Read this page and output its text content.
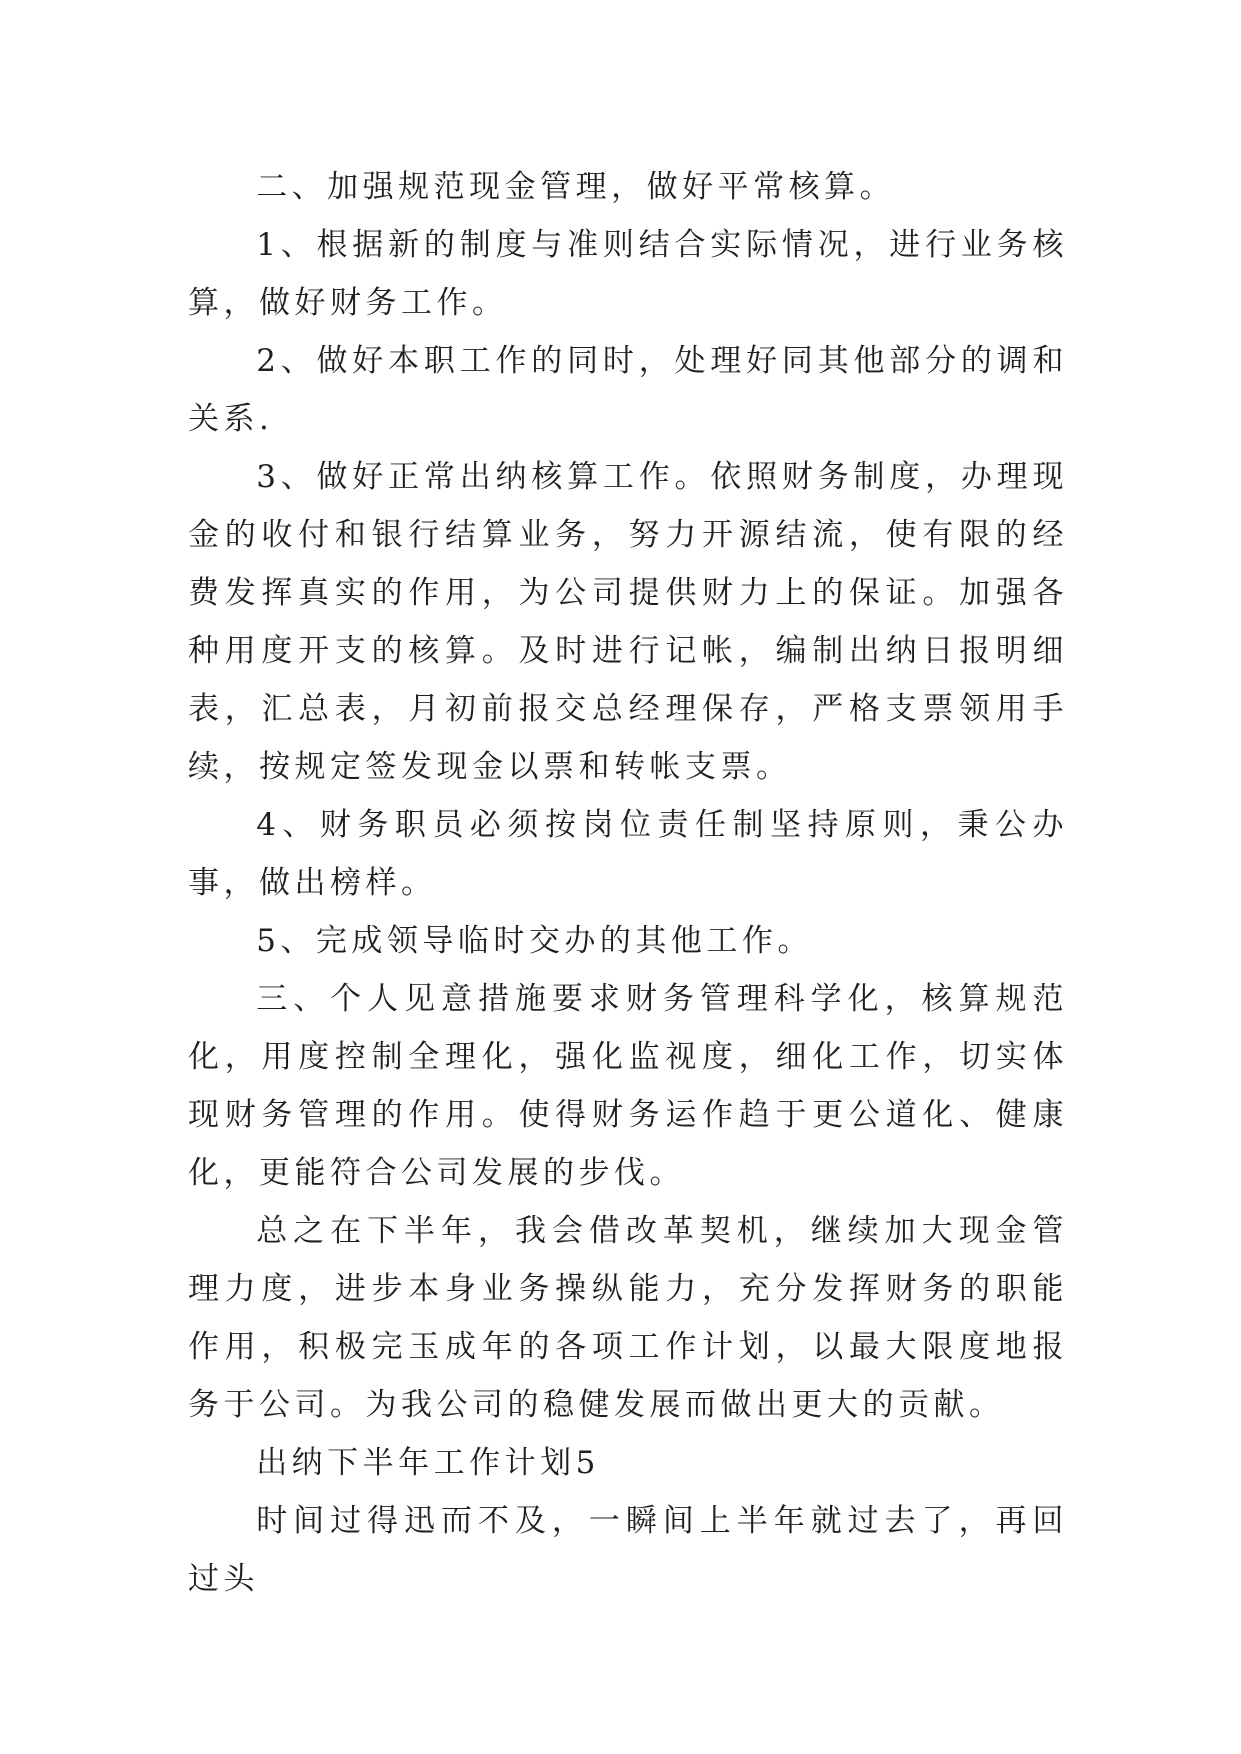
二、加强规范现金管理，做好平常核算。

1、根据新的制度与准则结合实际情况，进行业务核算，做好财务工作。

2、做好本职工作的同时，处理好同其他部分的调和关系.

3、做好正常出纳核算工作。依照财务制度，办理现金的收付和银行结算业务，努力开源结流，使有限的经费发挥真实的作用，为公司提供财力上的保证。加强各种用度开支的核算。及时进行记帐，编制出纳日报明细表，汇总表，月初前报交总经理保存，严格支票领用手续，按规定签发现金以票和转帐支票。

4、财务职员必须按岗位责任制坚持原则，秉公办事，做出榜样。

5、完成领导临时交办的其他工作。

三、个人见意措施要求财务管理科学化，核算规范化，用度控制全理化，强化监视度，细化工作，切实体现财务管理的作用。使得财务运作趋于更公道化、健康化，更能符合公司发展的步伐。

总之在下半年，我会借改革契机，继续加大现金管理力度，进步本身业务操纵能力，充分发挥财务的职能作用，积极完玉成年的各项工作计划，以最大限度地报务于公司。为我公司的稳健发展而做出更大的贡献。

出纳下半年工作计划5

时间过得迅而不及，一瞬间上半年就过去了，再回过头
